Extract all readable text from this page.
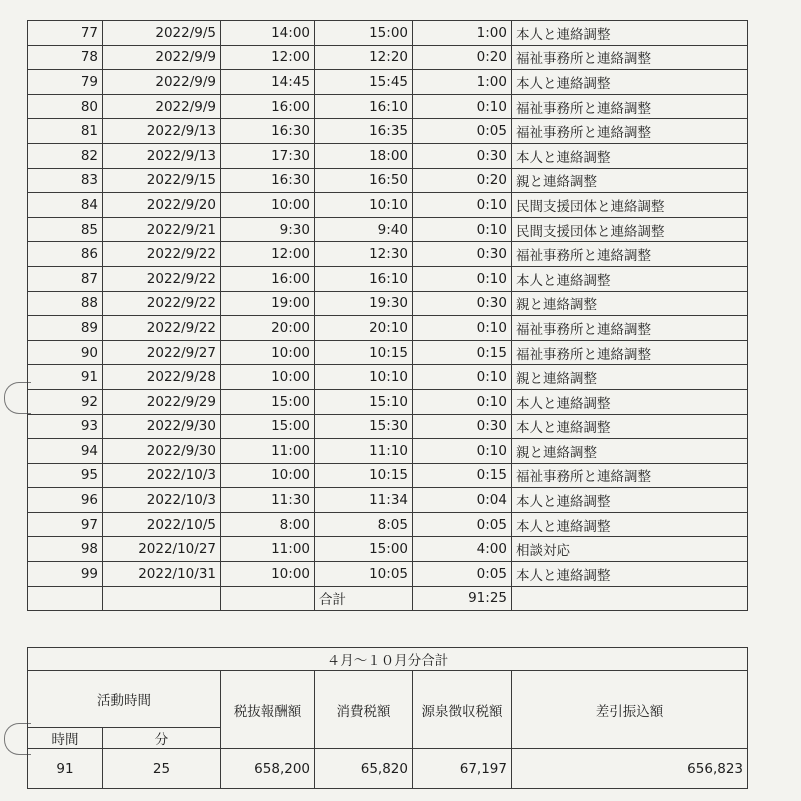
77	2022/9/5	14:00	15:00	1:00	本人と連絡調整
78	2022/9/9	12:00	12:20	0:20	福祉事務所と連絡調整
79	2022/9/9	14:45	15:45	1:00	本人と連絡調整
80	2022/9/9	16:00	16:10	0:10	福祉事務所と連絡調整
81	2022/9/13	16:30	16:35	0:05	福祉事務所と連絡調整
82	2022/9/13	17:30	18:00	0:30	本人と連絡調整
83	2022/9/15	16:30	16:50	0:20	親と連絡調整
84	2022/9/20	10:00	10:10	0:10	民間支援団体と連絡調整
85	2022/9/21	9:30	9:40	0:10	民間支援団体と連絡調整
86	2022/9/22	12:00	12:30	0:30	福祉事務所と連絡調整
87	2022/9/22	16:00	16:10	0:10	本人と連絡調整
88	2022/9/22	19:00	19:30	0:30	親と連絡調整
89	2022/9/22	20:00	20:10	0:10	福祉事務所と連絡調整
90	2022/9/27	10:00	10:15	0:15	福祉事務所と連絡調整
91	2022/9/28	10:00	10:10	0:10	親と連絡調整
92	2022/9/29	15:00	15:10	0:10	本人と連絡調整
93	2022/9/30	15:00	15:30	0:30	本人と連絡調整
94	2022/9/30	11:00	11:10	0:10	親と連絡調整
95	2022/10/3	10:00	10:15	0:15	福祉事務所と連絡調整
96	2022/10/3	11:30	11:34	0:04	本人と連絡調整
97	2022/10/5	8:00	8:05	0:05	本人と連絡調整
98	2022/10/27	11:00	15:00	4:00	相談対応
99	2022/10/31	10:00	10:05	0:05	本人と連絡調整
			合計	91:25	
４月～１０月分合計					
活動時間		税抜報酬額	消費税額	源泉徴収税額	差引振込額
時間	分				
91	25	658,200	65,820	67,197	656,823
